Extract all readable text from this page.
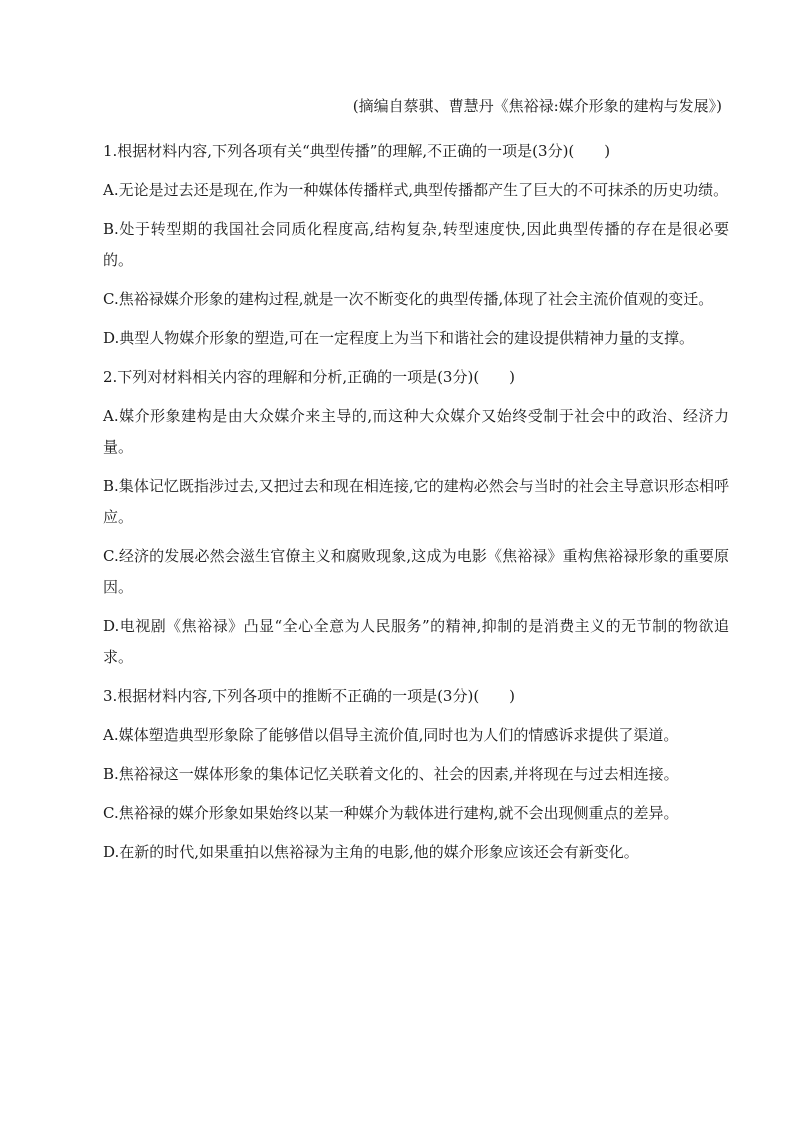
(摘编自蔡骐、曹慧丹《焦裕禄:媒介形象的建构与发展》)

1.根据材料内容,下列各项有关“典型传播”的理解,不正确的一项是(3分)(　　)

A.无论是过去还是现在,作为一种媒体传播样式,典型传播都产生了巨大的不可抹杀的历史功绩。

B.处于转型期的我国社会同质化程度高,结构复杂,转型速度快,因此典型传播的存在是很必要的。

C.焦裕禄媒介形象的建构过程,就是一次不断变化的典型传播,体现了社会主流价值观的变迁。

D.典型人物媒介形象的塑造,可在一定程度上为当下和谐社会的建设提供精神力量的支撑。

2.下列对材料相关内容的理解和分析,正确的一项是(3分)(　　)

A.媒介形象建构是由大众媒介来主导的,而这种大众媒介又始终受制于社会中的政治、经济力量。

B.集体记忆既指涉过去,又把过去和现在相连接,它的建构必然会与当时的社会主导意识形态相呼应。

C.经济的发展必然会滋生官僚主义和腐败现象,这成为电影《焦裕禄》重构焦裕禄形象的重要原因。

D.电视剧《焦裕禄》凸显“全心全意为人民服务”的精神,抑制的是消费主义的无节制的物欲追求。

3.根据材料内容,下列各项中的推断不正确的一项是(3分)(　　)

A.媒体塑造典型形象除了能够借以倡导主流价值,同时也为人们的情感诉求提供了渠道。

B.焦裕禄这一媒体形象的集体记忆关联着文化的、社会的因素,并将现在与过去相连接。

C.焦裕禄的媒介形象如果始终以某一种媒介为载体进行建构,就不会出现侧重点的差异。

D.在新的时代,如果重拍以焦裕禄为主角的电影,他的媒介形象应该还会有新变化。
